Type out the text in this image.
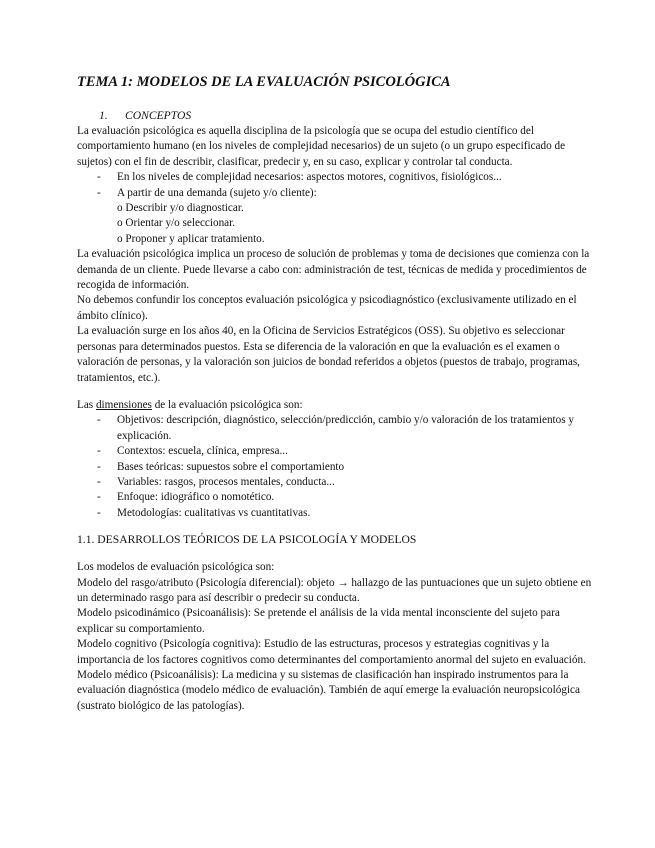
TEMA 1: MODELOS DE LA EVALUACIÓN PSICOLÓGICA
1. CONCEPTOS

La evaluación psicológica es aquella disciplina de la psicología que se ocupa del estudio científico del comportamiento humano (en los niveles de complejidad necesarios) de un sujeto (o un grupo especificado de sujetos) con el fin de describir, clasificar, predecir y, en su caso, explicar y controlar tal conducta.

- En los niveles de complejidad necesarios: aspectos motores, cognitivos, fisiológicos...
- A partir de una demanda (sujeto y/o cliente):
o Describir y/o diagnosticar.
o Orientar y/o seleccionar.
o Proponer y aplicar tratamiento.

La evaluación psicológica implica un proceso de solución de problemas y toma de decisiones que comienza con la demanda de un cliente. Puede llevarse a cabo con: administración de test, técnicas de medida y procedimientos de recogida de información.

No debemos confundir los conceptos evaluación psicológica y psicodiagnóstico (exclusivamente utilizado en el ámbito clínico).

La evaluación surge en los años 40, en la Oficina de Servicios Estratégicos (OSS). Su objetivo es seleccionar personas para determinados puestos. Esta se diferencia de la valoración en que la evaluación es el examen o valoración de personas, y la valoración son juicios de bondad referidos a objetos (puestos de trabajo, programas, tratamientos, etc.).

Las dimensiones de la evaluación psicológica son:

- Objetivos: descripción, diagnóstico, selección/predicción, cambio y/o valoración de los tratamientos y explicación.
- Contextos: escuela, clínica, empresa...
- Bases teóricas: supuestos sobre el comportamiento
- Variables: rasgos, procesos mentales, conducta...
- Enfoque: idiográfico o nomotético.
- Metodologías: cualitativas vs cuantitativas.
1.1. DESARROLLOS TEÓRICOS DE LA PSICOLOGÍA Y MODELOS

Los modelos de evaluación psicológica son:

Modelo del rasgo/atributo (Psicología diferencial): objeto → hallazgo de las puntuaciones que un sujeto obtiene en un determinado rasgo para así describir o predecir su conducta.

Modelo psicodinámico (Psicoanálisis): Se pretende el análisis de la vida mental inconsciente del sujeto para explicar su comportamiento.

Modelo cognitivo (Psicología cognitiva): Estudio de las estructuras, procesos y estrategias cognitivas y la importancia de los factores cognitivos como determinantes del comportamiento anormal del sujeto en evaluación.

Modelo médico (Psicoanálisis): La medicina y su sistemas de clasificación han inspirado instrumentos para la evaluación diagnóstica (modelo médico de evaluación). También de aquí emerge la evaluación neuropsicológica (sustrato biológico de las patologías).
